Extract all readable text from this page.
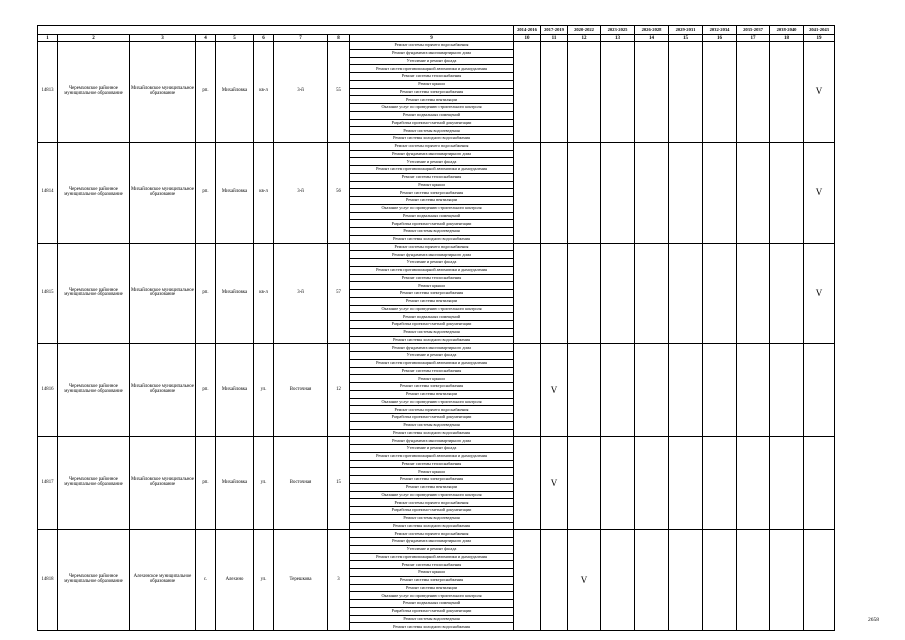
									2014-2016	2017-2019	2020-2022	2023-2025	2026-2028	2029-2031	2032-2034	2035-2037	2038-2040	2041-2043
1	2	3	4	5	6	7	8	9	10	11	12	13	14	15	16	17	18	19
14813	Черемховское районное муниципальное образование	Михайловское муниципальное образование	рп.	Михайловка	кв-л	3-й	55	Ремонт системы горячего водоснабжения										V
								Ремонт фундамента многоквартирного дома										
								Утепление и ремонт фасада										
								Ремонт систем противопожарной автоматики и дымоудаления										
								Ремонт системы теплоснабжения										
								Ремонт крыши										
								Ремонт системы электроснабжения										
								Ремонт системы вентиляции										
								Оказание услуг по проведению строительного контроля										
								Ремонт подвальных помещений										
								Разработка проектно-сметной документации										
								Ремонт системы водоотведения										
								Ремонт системы холодного водоснабжения										
14814	Черемховское районное муниципальное образование	Михайловское муниципальное образование	рп.	Михайловка	кв-л	3-й	56	Ремонт системы горячего водоснабжения										V
								Ремонт фундамента многоквартирного дома										
								Утепление и ремонт фасада										
								Ремонт систем противопожарной автоматики и дымоудаления										
								Ремонт системы теплоснабжения										
								Ремонт крыши										
								Ремонт системы электроснабжения										
								Ремонт системы вентиляции										
								Оказание услуг по проведению строительного контроля										
								Ремонт подвальных помещений										
								Разработка проектно-сметной документации										
								Ремонт системы водоотведения										
								Ремонт системы холодного водоснабжения										
14815	Черемховское районное муниципальное образование	Михайловское муниципальное образование	рп.	Михайловка	кв-л	3-й	57	Ремонт системы горячего водоснабжения										V
								Ремонт фундамента многоквартирного дома										
								Утепление и ремонт фасада										
								Ремонт систем противопожарной автоматики и дымоудаления										
								Ремонт системы теплоснабжения										
								Ремонт крыши										
								Ремонт системы электроснабжения										
								Ремонт системы вентиляции										
								Оказание услуг по проведению строительного контроля										
								Ремонт подвальных помещений										
								Разработка проектно-сметной документации										
								Ремонт системы водоотведения										
								Ремонт системы холодного водоснабжения										
14816	Черемховское районное муниципальное образование	Михайловское муниципальное образование	рп.	Михайловка	ул.	Восточная	12	Ремонт фундамента многоквартирного дома		V								
								Утепление и ремонт фасада										
								Ремонт систем противопожарной автоматики и дымоудаления										
								Ремонт системы теплоснабжения										
								Ремонт крыши										
								Ремонт системы электроснабжения										
								Ремонт системы вентиляции										
								Оказание услуг по проведению строительного контроля										
								Ремонт системы горячего водоснабжения										
								Разработка проектно-сметной документации										
								Ремонт системы водоотведения										
								Ремонт системы холодного водоснабжения										
14817	Черемховское районное муниципальное образование	Михайловское муниципальное образование	рп.	Михайловка	ул.	Восточная	15	Ремонт фундамента многоквартирного дома		V								
								Утепление и ремонт фасада										
								Ремонт систем противопожарной автоматики и дымоудаления										
								Ремонт системы теплоснабжения										
								Ремонт крыши										
								Ремонт системы электроснабжения										
								Ремонт системы вентиляции										
								Оказание услуг по проведению строительного контроля										
								Ремонт системы горячего водоснабжения										
								Разработка проектно-сметной документации										
								Ремонт системы водоотведения										
								Ремонт системы холодного водоснабжения										
14818	Черемховское районное муниципальное образование	Алехинское муниципальное образование	с.	Алехино	ул.	Терешкова	3	Ремонт системы горячего водоснабжения			V							
								Ремонт фундамента многоквартирного дома										
								Утепление и ремонт фасада										
								Ремонт систем противопожарной автоматики и дымоудаления										
								Ремонт системы теплоснабжения										
								Ремонт крыши										
								Ремонт системы электроснабжения										
								Ремонт системы вентиляции										
								Оказание услуг по проведению строительного контроля										
								Ремонт подвальных помещений										
								Разработка проектно-сметной документации										
								Ремонт системы водоотведения										
								Ремонт системы холодного водоснабжения										
2658
